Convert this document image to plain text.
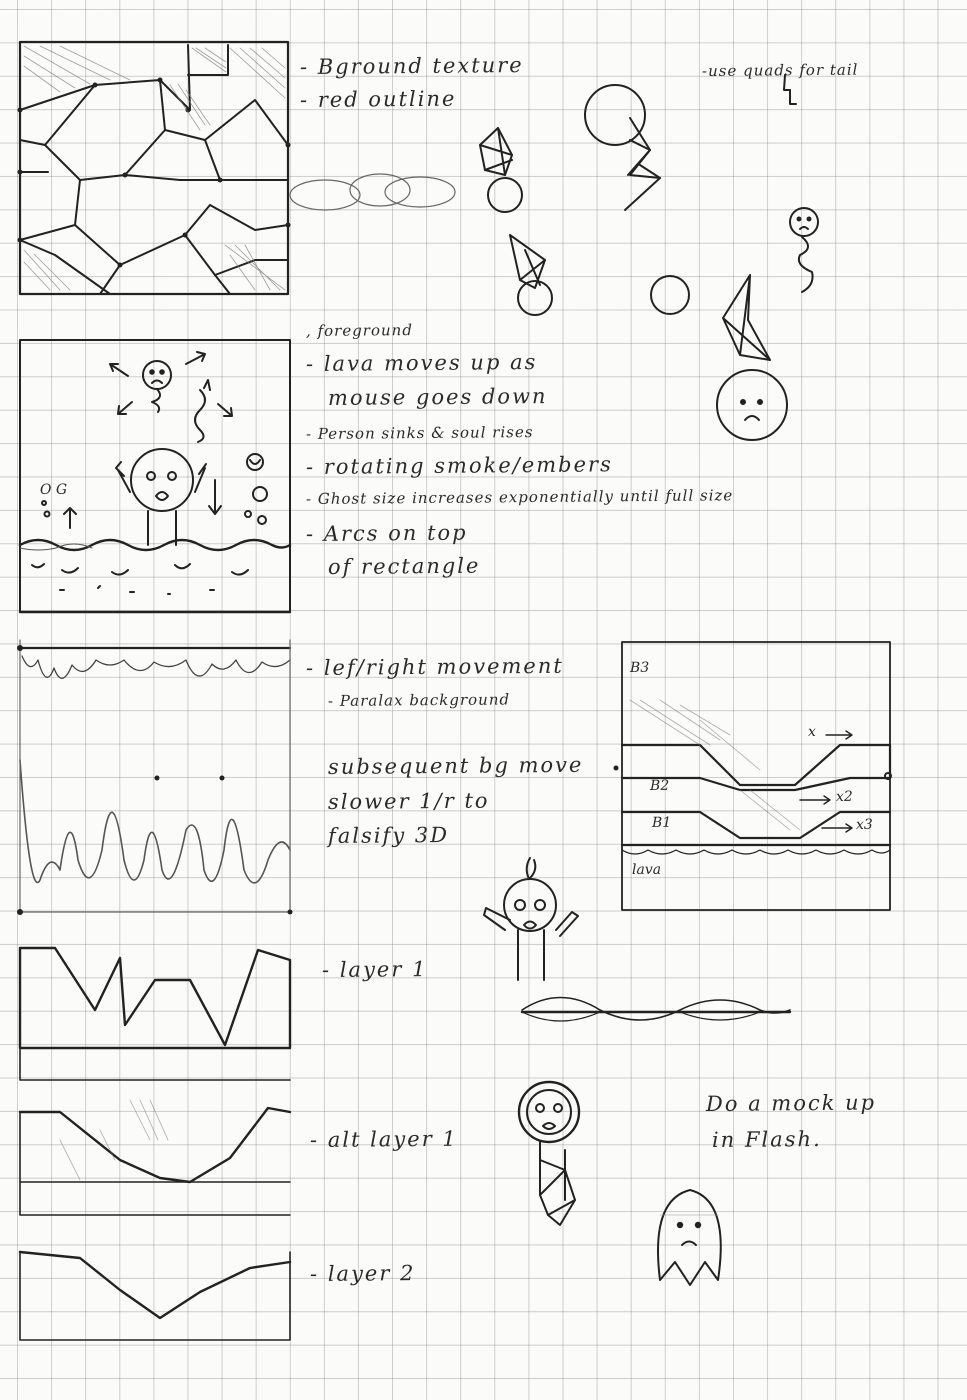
- Bground texture

- red outline

-use quads for tail

, foreground

- lava moves up as

mouse goes down

- Person sinks & soul rises

- rotating smoke/embers

- Ghost size increases exponentially until full size

- Arcs on top

of rectangle

- lef/right movement

- Paralax background

subsequent bg move

slower 1/r to

falsify 3D

- layer 1

- alt layer 1

- layer 2

Do a mock up

in Flash.

B3

B2

B1

lava

x

x2

x3

O G
